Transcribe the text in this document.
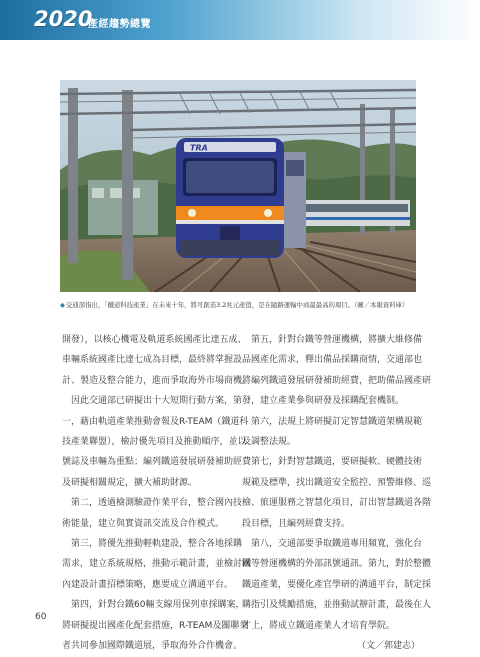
2020
產經趨勢總覽
TRA
◆交通部指出，「鐵道科技產業」在未來十年，將可創造3.2兆元產值，是在隨路運輸中商最最高的項目。（圖／本報資料庫）

開發），以核心機電及軌道系統國產比達五成、

車輛系統國產比達七成為目標，最終將掌握設

計、製造及整合能力，進而爭取海外市場商機。

　因此交通部已研擬出十大短期行動方案，第

一，藉由軌道產業推動會報及R-TEAM（鐵道科

技產業聯盟），檢討優先項目及推動順序，並以

號誌及車輛為重點；編列鐵道發展研發補助經費

及研擬相關規定，擴大補助財源。

　第二，透過檢測驗證作業平台，整合國內技

術能量，建立與實資訊交流及合作模式。

　第三，將優先推動輕軌建設，整合各地採購

需求，建立系統規格，推動示範計畫，並檢討國

內建設計畫招標策略，應要成立溝通平台。

　第四，針對台鐵60輛支線用保列車採購案，

將研擬提出國產化配套措施，R-TEAM及關聯業

者共同參加國際鐵道展，爭取海外合作機會。

　第五，針對台鐵等營運機構，將擴大維修備

品國產化需求，釋出備品採購商情，交通部也

將編列鐵道發展研發補助經費，把助備品國產研

發，建立產業參與研發及採購配套機制。

　第六，法規上將研擬訂定智慧鐵道架構規範

及調整法規。

　第七，針對智慧鐵道，要研擬軟、硬體技術

規範及標準，找出鐵道安全監控、預警維修、巡

檢、旅運服務之智慧化項目，訂出智慧鐵道各階

段目標，且編列經費支持。

　第八，交通部要爭取鐵道專用頻寬，強化台

鐵等營運機構的外部訊號通訊。第九，對於整體

鐵道產業，要優化產官學研的溝通平台，制定採

購指引及獎勵措施，並推動試辦計畫，最後在人

才上，將成立鐵道產業人才培育學院。

（文／郭建志）

60
